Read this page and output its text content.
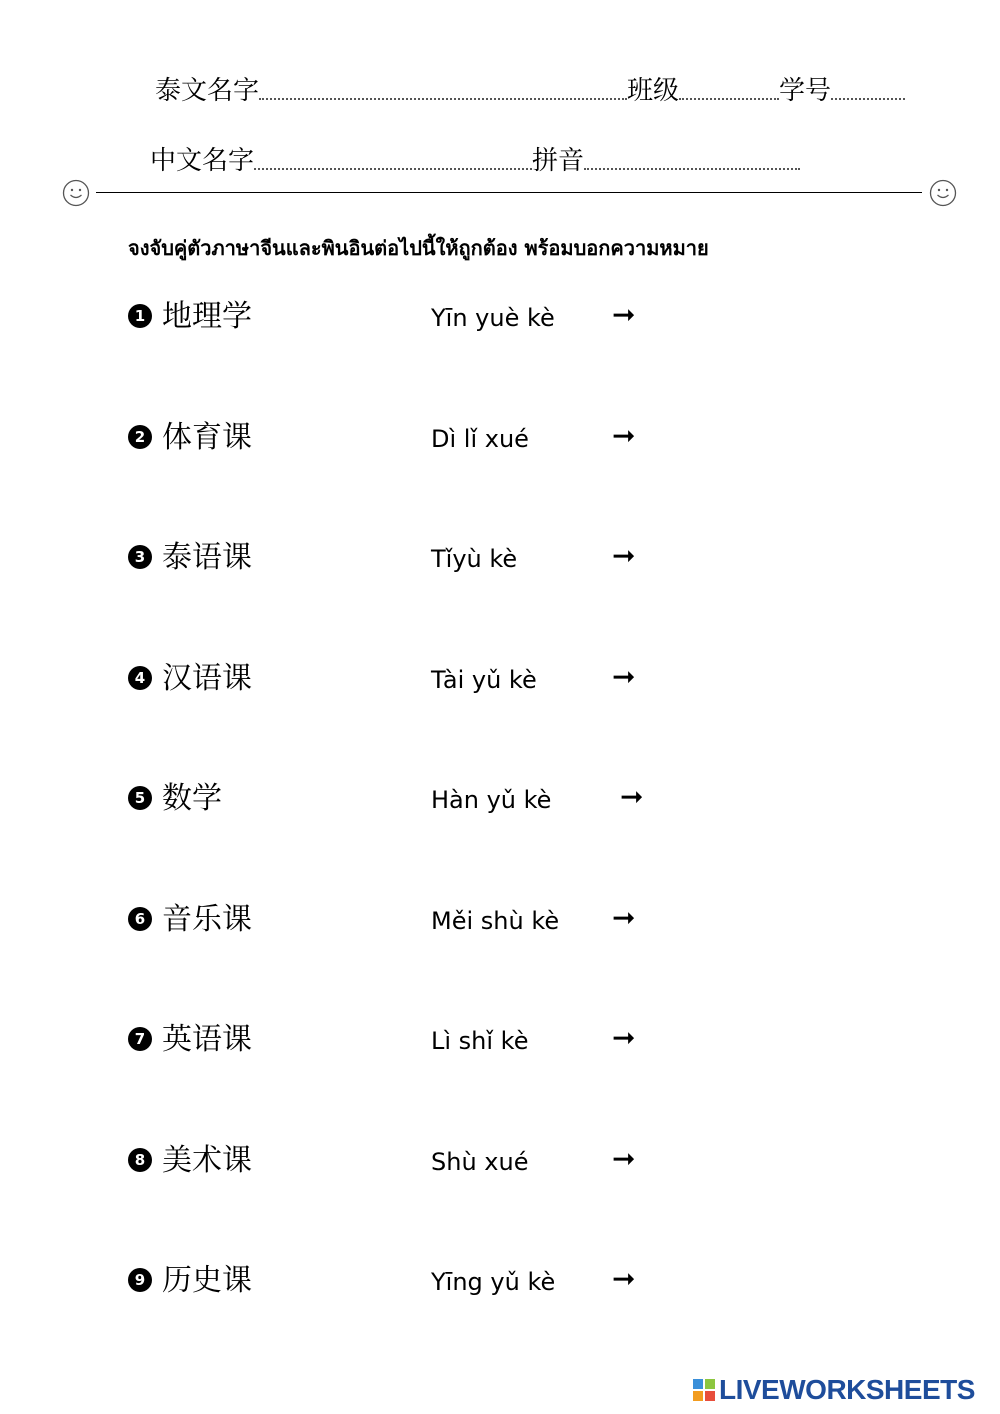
泰文名字	班级	学号
中文名字	拼音
จงจับคู่ตัวภาษาจีนและพินอินต่อไปนี้ให้ถูกต้อง พร้อมบอกความหมาย
1 地理学	Yīn yuè kè ➞
2 体育课	Dì lǐ xué	➞
3 泰语课	Tǐyù kè	➞
4 汉语课	Tài yǔ kè	➞
5 数学	Hàn yǔ kè ➞
6 音乐课	Měi shù kè ➞
7 英语课	Lì shǐ kè	➞
8 美术课	Shù xué	➞
9 历史课	Yīng yǔ kè ➞
LIVEWORKSHEETS
